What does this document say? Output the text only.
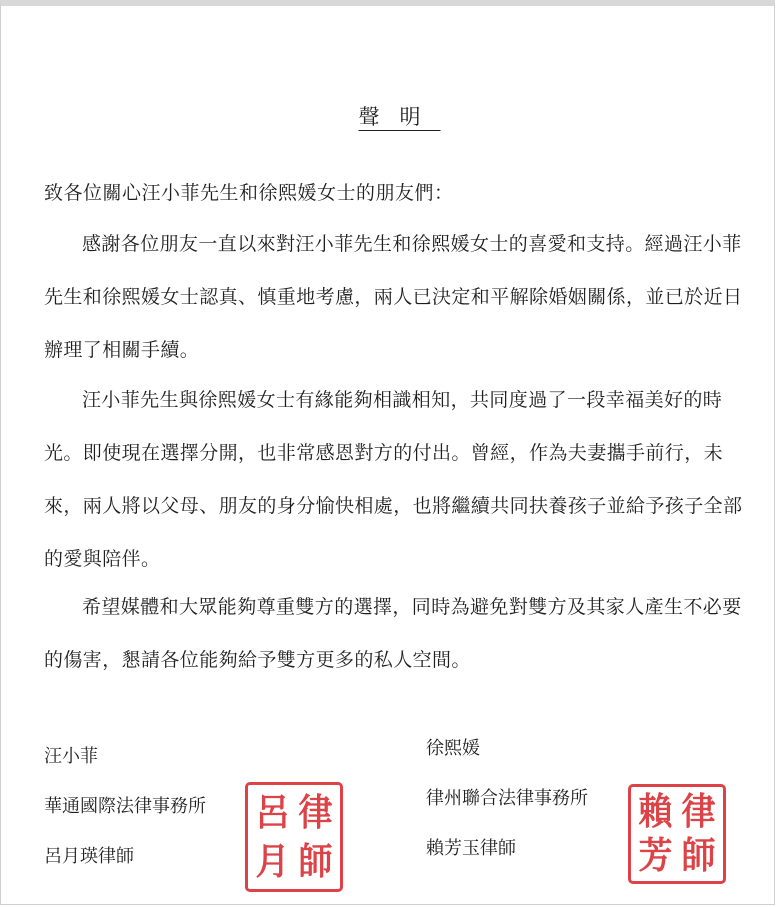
聲明
致各位關心汪小菲先生和徐熙媛女士的朋友們：

感謝各位朋友一直以來對汪小菲先生和徐熙媛女士的喜愛和支持。經過汪小菲先生和徐熙媛女士認真、慎重地考慮，兩人已決定和平解除婚姻關係，並已於近日辦理了相關手續。

汪小菲先生與徐熙媛女士有緣能夠相識相知，共同度過了一段幸福美好的時光。即使現在選擇分開，也非常感恩對方的付出。曾經，作為夫妻攜手前行，未來，兩人將以父母、朋友的身分愉快相處，也將繼續共同扶養孩子並給予孩子全部的愛與陪伴。

希望媒體和大眾能夠尊重雙方的選擇，同時為避免對雙方及其家人產生不必要的傷害，懇請各位能夠給予雙方更多的私人空間。

汪小菲
華通國際法律事務所
呂月瑛律師
徐熙媛
律州聯合法律事務所
賴芳玉律師
呂 律
月 師
賴 律
芳 師
